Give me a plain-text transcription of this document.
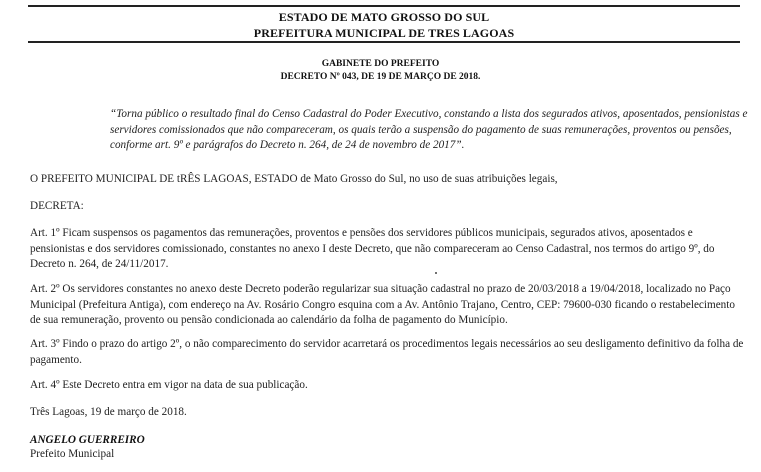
ESTADO DE MATO GROSSO DO SUL
PREFEITURA MUNICIPAL DE TRES LAGOAS
GABINETE DO PREFEITO
DECRETO Nº 043, DE 19 DE MARÇO DE 2018.
“Torna público o resultado final do Censo Cadastral do Poder Executivo, constando a lista dos segurados ativos, aposentados, pensionistas e servidores comissionados que não compareceram, os quais terão a suspensão do pagamento de suas remunerações, proventos ou pensões, conforme art. 9º e parágrafos do Decreto n. 264, de 24 de novembro de 2017”.
O PREFEITO MUNICIPAL DE tRÊS LAGOAS, ESTADO de Mato Grosso do Sul, no uso de suas atribuições legais,
DECRETA:
Art. 1º Ficam suspensos os pagamentos das remunerações, proventos e pensões dos servidores públicos municipais, segurados ativos, aposentados e pensionistas e dos servidores comissionado, constantes no anexo I deste Decreto, que não compareceram ao Censo Cadastral, nos termos do artigo 9º, do Decreto n. 264, de 24/11/2017.
Art. 2º Os servidores constantes no anexo deste Decreto poderão regularizar sua situação cadastral no prazo de 20/03/2018 a 19/04/2018, localizado no Paço Municipal (Prefeitura Antiga), com endereço na Av. Rosário Congro esquina com a Av. Antônio Trajano, Centro, CEP: 79600-030 ficando o restabelecimento de sua remuneração, provento ou pensão condicionada ao calendário da folha de pagamento do Município.
Art. 3º Findo o prazo do artigo 2º, o não comparecimento do servidor acarretará os procedimentos legais necessários ao seu desligamento definitivo da folha de pagamento.
Art. 4º Este Decreto entra em vigor na data de sua publicação.
Três Lagoas, 19 de março de 2018.
ANGELO GUERREIRO
Prefeito Municipal
